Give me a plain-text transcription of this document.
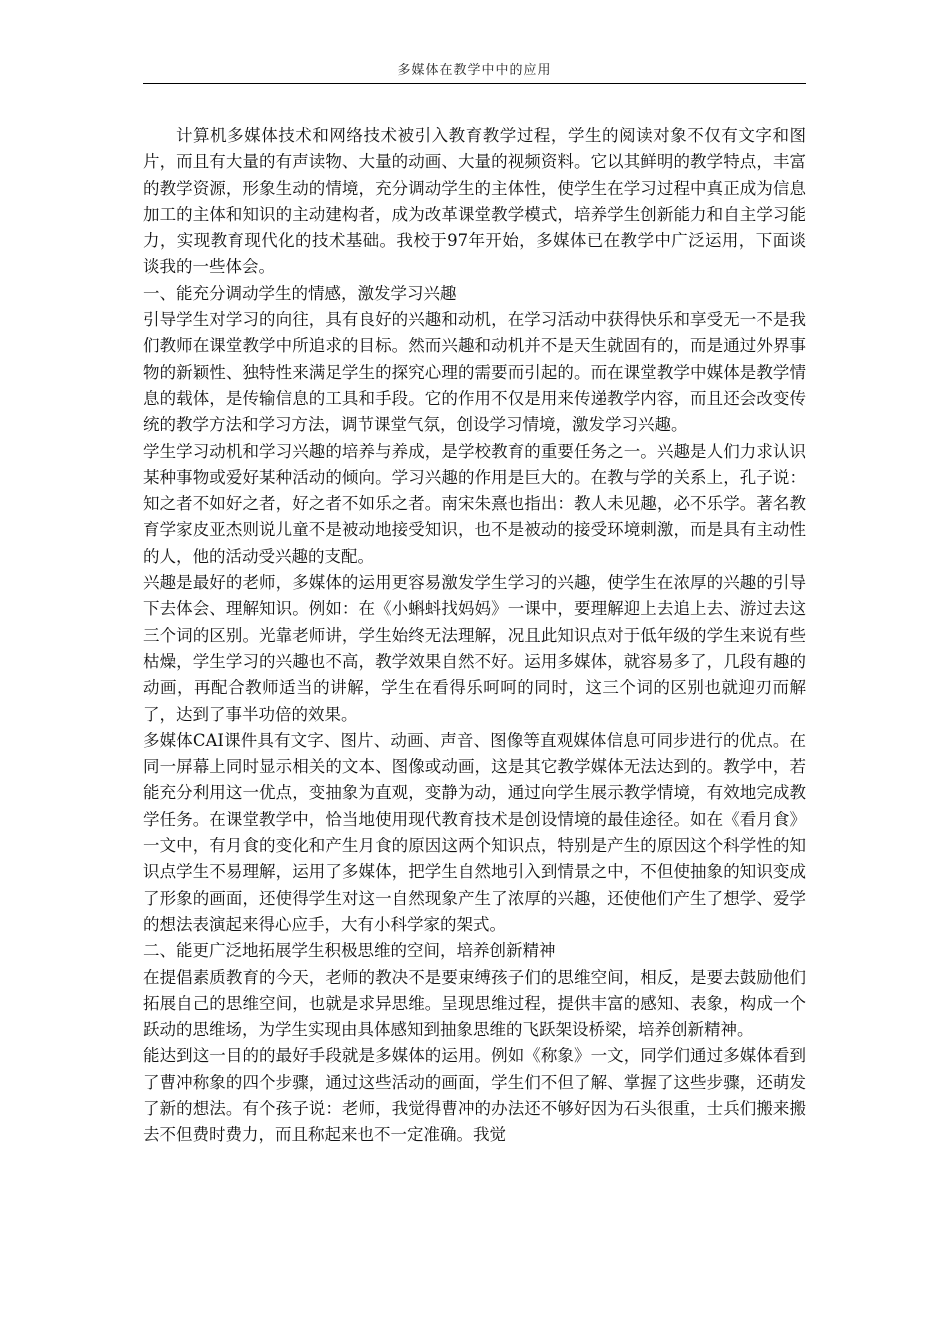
多媒体在教学中中的应用

计算机多媒体技术和网络技术被引入教育教学过程，学生的阅读对象不仅有文字和图片，而且有大量的有声读物、大量的动画、大量的视频资料。它以其鲜明的教学特点，丰富的教学资源，形象生动的情境，充分调动学生的主体性，使学生在学习过程中真正成为信息加工的主体和知识的主动建构者，成为改革课堂教学模式，培养学生创新能力和自主学习能力，实现教育现代化的技术基础。我校于97年开始，多媒体已在教学中广泛运用，下面谈谈我的一些体会。

一、能充分调动学生的情感，激发学习兴趣

引导学生对学习的向往，具有良好的兴趣和动机，在学习活动中获得快乐和享受无一不是我们教师在课堂教学中所追求的目标。然而兴趣和动机并不是天生就固有的，而是通过外界事物的新颖性、独特性来满足学生的探究心理的需要而引起的。而在课堂教学中媒体是教学情息的载体，是传输信息的工具和手段。它的作用不仅是用来传递教学内容，而且还会改变传统的教学方法和学习方法，调节课堂气氛，创设学习情境，激发学习兴趣。

学生学习动机和学习兴趣的培养与养成，是学校教育的重要任务之一。兴趣是人们力求认识某种事物或爱好某种活动的倾向。学习兴趣的作用是巨大的。在教与学的关系上，孔子说：知之者不如好之者，好之者不如乐之者。南宋朱熹也指出：教人未见趣，必不乐学。著名教育学家皮亚杰则说儿童不是被动地接受知识，也不是被动的接受环境刺激，而是具有主动性的人，他的活动受兴趣的支配。

兴趣是最好的老师，多媒体的运用更容易激发学生学习的兴趣，使学生在浓厚的兴趣的引导下去体会、理解知识。例如：在《小蝌蚪找妈妈》一课中，要理解迎上去追上去、游过去这三个词的区别。光靠老师讲，学生始终无法理解，况且此知识点对于低年级的学生来说有些枯燥，学生学习的兴趣也不高，教学效果自然不好。运用多媒体，就容易多了，几段有趣的动画，再配合教师适当的讲解，学生在看得乐呵呵的同时，这三个词的区别也就迎刃而解了，达到了事半功倍的效果。

多媒体CAI课件具有文字、图片、动画、声音、图像等直观媒体信息可同步进行的优点。在同一屏幕上同时显示相关的文本、图像或动画，这是其它教学媒体无法达到的。教学中，若能充分利用这一优点，变抽象为直观，变静为动，通过向学生展示教学情境，有效地完成教学任务。在课堂教学中，恰当地使用现代教育技术是创设情境的最佳途径。如在《看月食》一文中，有月食的变化和产生月食的原因这两个知识点，特别是产生的原因这个科学性的知识点学生不易理解，运用了多媒体，把学生自然地引入到情景之中，不但使抽象的知识变成了形象的画面，还使得学生对这一自然现象产生了浓厚的兴趣，还使他们产生了想学、爱学的想法表演起来得心应手，大有小科学家的架式。

二、能更广泛地拓展学生积极思维的空间，培养创新精神

在提倡素质教育的今天，老师的教决不是要束缚孩子们的思维空间，相反，是要去鼓励他们拓展自己的思维空间，也就是求异思维。呈现思维过程，提供丰富的感知、表象，构成一个跃动的思维场，为学生实现由具体感知到抽象思维的飞跃架设桥梁，培养创新精神。

能达到这一目的的最好手段就是多媒体的运用。例如《称象》一文，同学们通过多媒体看到了曹冲称象的四个步骤，通过这些活动的画面，学生们不但了解、掌握了这些步骤，还萌发了新的想法。有个孩子说：老师，我觉得曹冲的办法还不够好因为石头很重，士兵们搬来搬去不但费时费力，而且称起来也不一定准确。我觉
